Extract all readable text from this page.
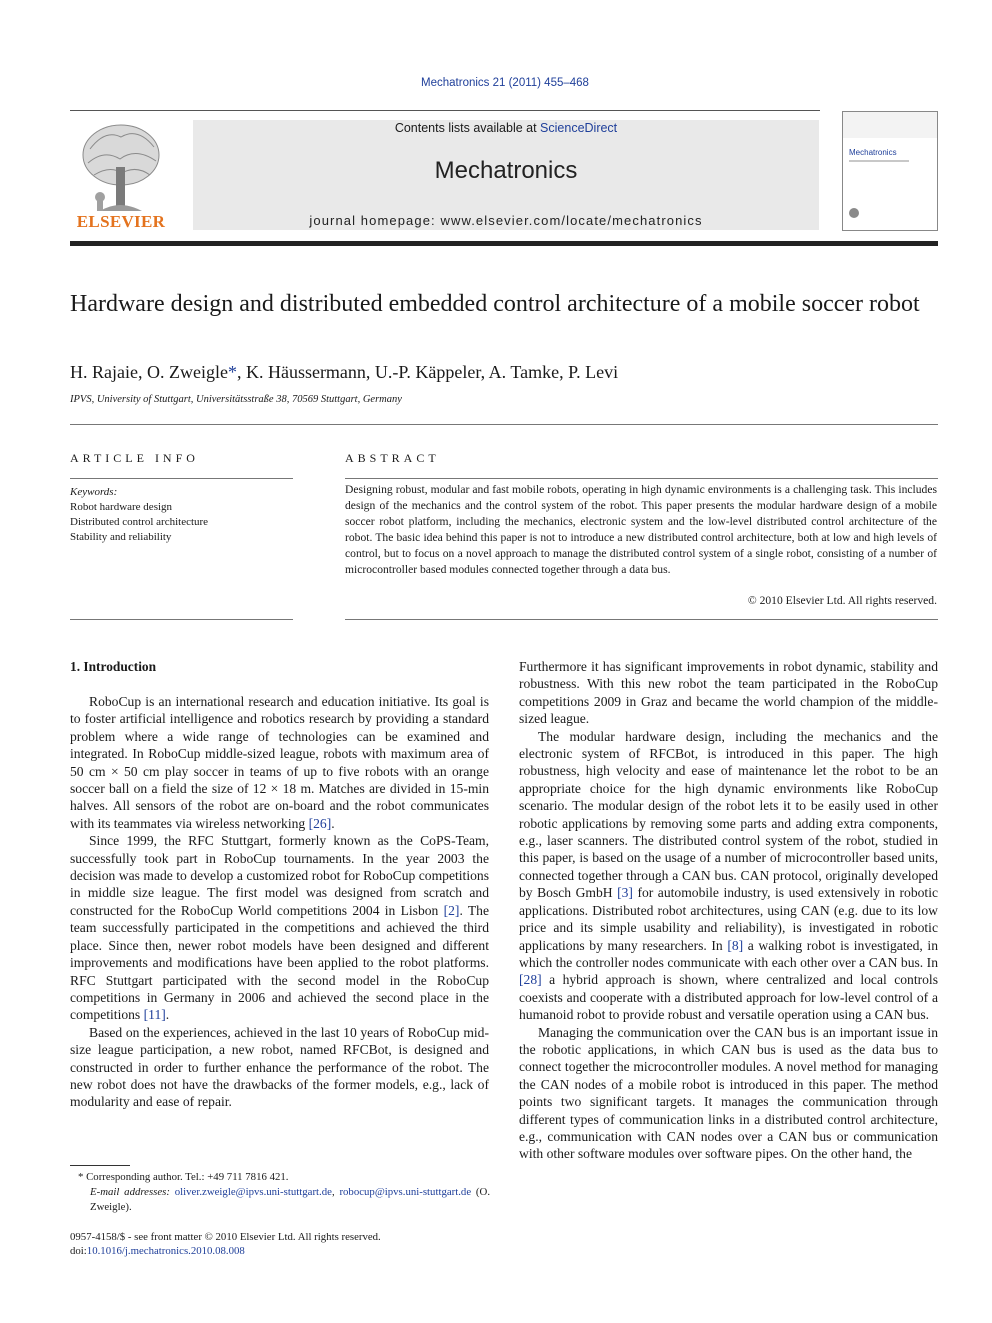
Mechatronics 21 (2011) 455–468
ELSEVIER
Contents lists available at ScienceDirect
Mechatronics
journal homepage: www.elsevier.com/locate/mechatronics
Mechatronics
Hardware design and distributed embedded control architecture of a mobile soccer robot
H. Rajaie, O. Zweigle*, K. Häussermann, U.-P. Käppeler, A. Tamke, P. Levi
IPVS, University of Stuttgart, Universitätsstraße 38, 70569 Stuttgart, Germany
ARTICLE INFO
Keywords:
Robot hardware design
Distributed control architecture
Stability and reliability
ABSTRACT
Designing robust, modular and fast mobile robots, operating in high dynamic environments is a challenging task. This includes design of the mechanics and the control system of the robot. This paper presents the modular hardware design of a mobile soccer robot platform, including the mechanics, electronic system and the low-level distributed control architecture of the robot. The basic idea behind this paper is not to introduce a new distributed control architecture, both at low and high levels of control, but to focus on a novel approach to manage the distributed control system of a single robot, consisting of a number of microcontroller based modules connected together through a data bus.
© 2010 Elsevier Ltd. All rights reserved.
1. Introduction

RoboCup is an international research and education initiative. Its goal is to foster artificial intelligence and robotics research by providing a standard problem where a wide range of technologies can be examined and integrated. In RoboCup middle-sized league, robots with maximum area of 50 cm × 50 cm play soccer in teams of up to five robots with an orange soccer ball on a field the size of 12 × 18 m. Matches are divided in 15-min halves. All sensors of the robot are on-board and the robot communicates with its teammates via wireless networking [26].

Since 1999, the RFC Stuttgart, formerly known as the CoPS-Team, successfully took part in RoboCup tournaments. In the year 2003 the decision was made to develop a customized robot for RoboCup competitions in middle size league. The first model was designed from scratch and constructed for the RoboCup World competitions 2004 in Lisbon [2]. The team successfully participated in the competitions and achieved the third place. Since then, newer robot models have been designed and different improvements and modifications have been applied to the robot platforms. RFC Stuttgart participated with the second model in the RoboCup competitions in Germany in 2006 and achieved the second place in the competitions [11].

Based on the experiences, achieved in the last 10 years of RoboCup mid-size league participation, a new robot, named RFCBot, is designed and constructed in order to further enhance the performance of the robot. The new robot does not have the drawbacks of the former models, e.g., lack of modularity and ease of repair.

Furthermore it has significant improvements in robot dynamic, stability and robustness. With this new robot the team participated in the RoboCup competitions 2009 in Graz and became the world champion of the middle-sized league.

The modular hardware design, including the mechanics and the electronic system of RFCBot, is introduced in this paper. The high robustness, high velocity and ease of maintenance let the robot to be an appropriate choice for the high dynamic environments like RoboCup scenario. The modular design of the robot lets it to be easily used in other robotic applications by removing some parts and adding extra components, e.g., laser scanners. The distributed control system of the robot, studied in this paper, is based on the usage of a number of microcontroller based units, connected together through a CAN bus. CAN protocol, originally developed by Bosch GmbH [3] for automobile industry, is used extensively in robotic applications. Distributed robot architectures, using CAN (e.g. due to its low price and its simple usability and reliability), is investigated in robotic applications by many researchers. In [8] a walking robot is investigated, in which the controller nodes communicate with each other over a CAN bus. In [28] a hybrid approach is shown, where centralized and local controls coexists and cooperate with a distributed approach for low-level control of a humanoid robot to provide robust and versatile operation using a CAN bus.

Managing the communication over the CAN bus is an important issue in the robotic applications, in which CAN bus is used as the data bus to connect together the microcontroller modules. A novel method for managing the CAN nodes of a mobile robot is introduced in this paper. The method points two significant targets. It manages the communication through different types of communication links in a distributed control architecture, e.g., communication with CAN nodes over a CAN bus or communication with other software modules over software pipes. On the other hand, the

* Corresponding author. Tel.: +49 711 7816 421.
E-mail addresses: oliver.zweigle@ipvs.uni-stuttgart.de, robocup@ipvs.uni-stuttgart.de (O. Zweigle).
0957-4158/$ - see front matter © 2010 Elsevier Ltd. All rights reserved.
doi:10.1016/j.mechatronics.2010.08.008
